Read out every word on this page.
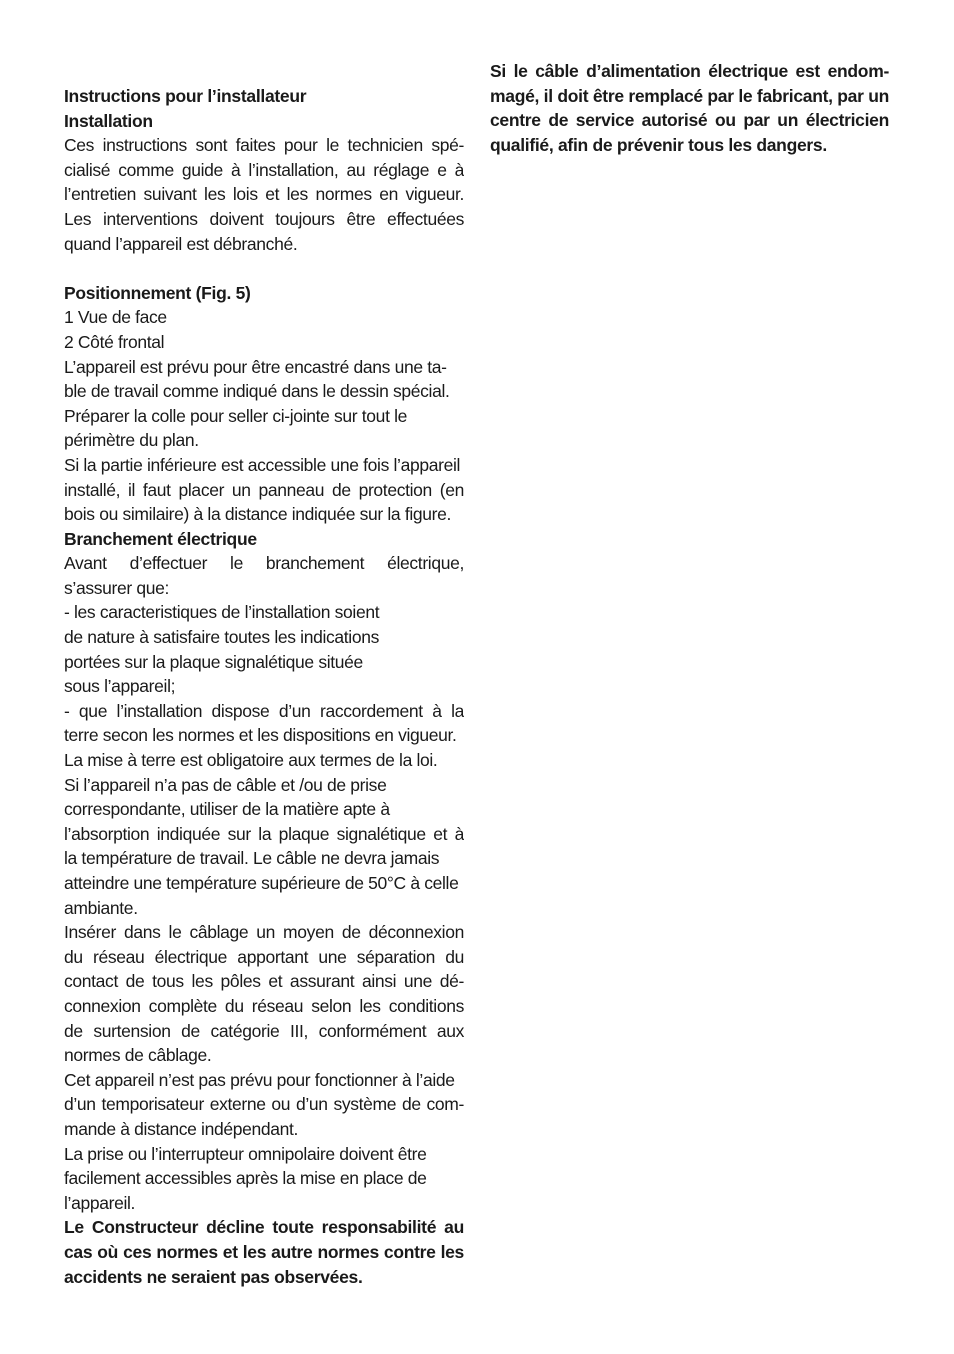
Instructions pour l’installateur
Installation
Ces instructions sont faites pour le technicien spé-
cialisé comme guide à l’installation, au réglage e à
l’entretien suivant les lois et les normes en vigueur.
Les interventions doivent toujours être effectuées
quand l’appareil est débranché.
Positionnement (Fig. 5)
1 Vue de face
2 Côté frontal
L’appareil est prévu pour être encastré dans une ta-
ble de travail comme indiqué dans le dessin spécial.
Préparer la colle pour seller ci-jointe sur tout le
périmètre du plan.
Si la partie inférieure est accessible une fois l’appareil
installé, il faut placer un panneau de protection (en
bois ou similaire) à la distance indiquée sur la figure.
Branchement électrique
Avant d’effectuer le branchement électrique,
s’assurer que:
- les caracteristiques de l’installation soient
de nature à satisfaire toutes les indications
portées sur la plaque signalétique située
sous l’appareil;
- que l’installation dispose d’un raccordement à la
terre secon les normes et les dispositions en vigueur.
La mise à terre est obligatoire aux termes de la loi.
Si l’appareil n’a pas de câble et /ou de prise
correspondante, utiliser de la matière apte à
l’absorption indiquée sur la plaque signalétique et à
la température de travail. Le câble ne devra jamais
atteindre une température supérieure de 50°C à celle
ambiante.
Insérer dans le câblage un moyen de déconnexion
du réseau électrique apportant une séparation du
contact de tous les pôles et assurant ainsi une dé-
connexion complète du réseau selon les conditions
de surtension de catégorie III, conformément aux
normes de câblage.
Cet appareil n’est pas prévu pour fonctionner à l’aide
d’un temporisateur externe ou d’un système de com-
mande à distance indépendant.
La prise ou l’interrupteur omnipolaire doivent être
facilement accessibles après la mise en place de
l’appareil.
Le Constructeur décline toute responsabilité au
cas où ces normes et les autre normes contre les
accidents ne seraient pas observées.
Si le câble d’alimentation électrique est endom-
magé, il doit être remplacé par le fabricant, par un
centre de service autorisé ou par un électricien
qualifié, afin de prévenir tous les dangers.
